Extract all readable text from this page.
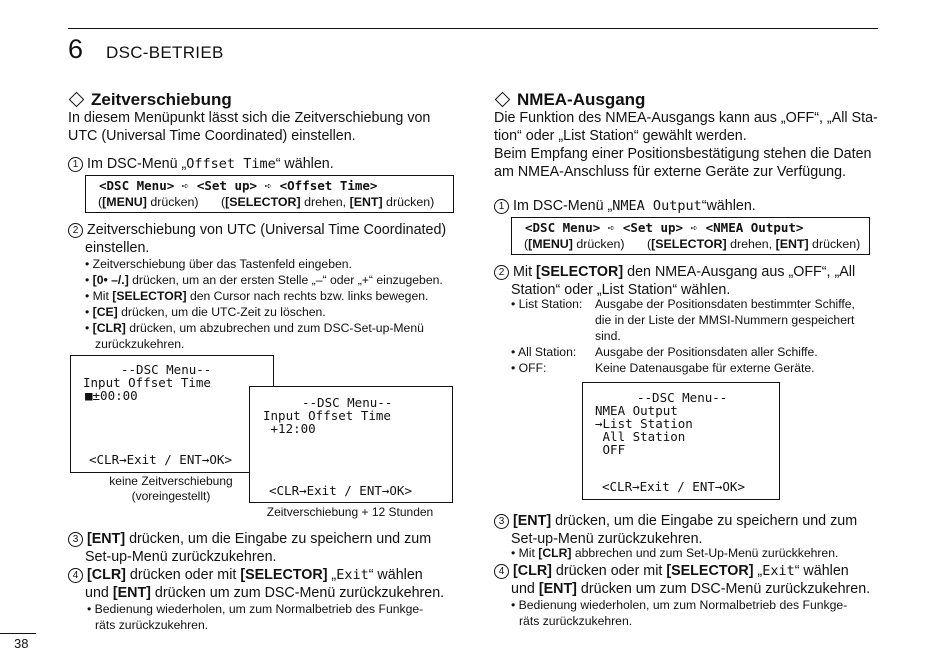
6 DSC-BETRIEB
Zeitverschiebung
In diesem Menüpunkt lässt sich die Zeitverschiebung von
UTC (Universal Time Coordinated) einstellen.
1 Im DSC-Menü „Offset Time“ wählen.
<DSC Menu> ➪ <Set up> ➪ <Offset Time>
([MENU] drücken) ([SELECTOR] drehen, [ENT] drücken)
2 Zeitverschiebung von UTC (Universal Time Coordinated)
einstellen.
• Zeitverschiebung über das Tastenfeld eingeben.
• [0• –/.] drücken, um an der ersten Stelle „–“ oder „+“ einzugeben.
• Mit [SELECTOR] den Cursor nach rechts bzw. links bewegen.
• [CE] drücken, um die UTC-Zeit zu löschen.
• [CLR] drücken, um abzubrechen und zum DSC-Set-up-Menü
zurückzukehren.
--DSC Menu--
Input Offset Time
■±00:00
<CLR→Exit / ENT→OK>
keine Zeitverschiebung
(voreingestellt)
--DSC Menu--
Input Offset Time
+12:00
<CLR→Exit / ENT→OK>
Zeitverschiebung + 12 Stunden
3 [ENT] drücken, um die Eingabe zu speichern und zum
Set-up-Menü zurückzukehren.
4 [CLR] drücken oder mit [SELECTOR] „Exit“ wählen
und [ENT] drücken um zum DSC-Menü zurückzukehren.
• Bedienung wiederholen, um zum Normalbetrieb des Funkge-
räts zurückzukehren.
NMEA-Ausgang
Die Funktion des NMEA-Ausgangs kann aus „OFF“, „All Sta-
tion“ oder „List Station“ gewählt werden.
Beim Empfang einer Positionsbestätigung stehen die Daten
am NMEA-Anschluss für externe Geräte zur Verfügung.
1 Im DSC-Menü „NMEA Output“wählen.
<DSC Menu> ➪ <Set up> ➪ <NMEA Output>
([MENU] drücken) ([SELECTOR] drehen, [ENT] drücken)
2 Mit [SELECTOR] den NMEA-Ausgang aus „OFF“, „All
Station“ oder „List Station“ wählen.
• List Station:	Ausgabe der Positionsdaten bestimmter Schiffe,
die in der Liste der MMSI-Nummern gespeichert
sind.
• All Station:	Ausgabe der Positionsdaten aller Schiffe.
• OFF:	Keine Datenausgabe für externe Geräte.
--DSC Menu--
NMEA Output
→List Station
All Station
OFF
<CLR→Exit / ENT→OK>
3 [ENT] drücken, um die Eingabe zu speichern und zum
Set-up-Menü zurückzukehren.
• Mit [CLR] abbrechen und zum Set-Up-Menü zurückkehren.
4 [CLR] drücken oder mit [SELECTOR] „Exit“ wählen
und [ENT] drücken um zum DSC-Menü zurückzukehren.
• Bedienung wiederholen, um zum Normalbetrieb des Funkge-
räts zurückzukehren.
38
